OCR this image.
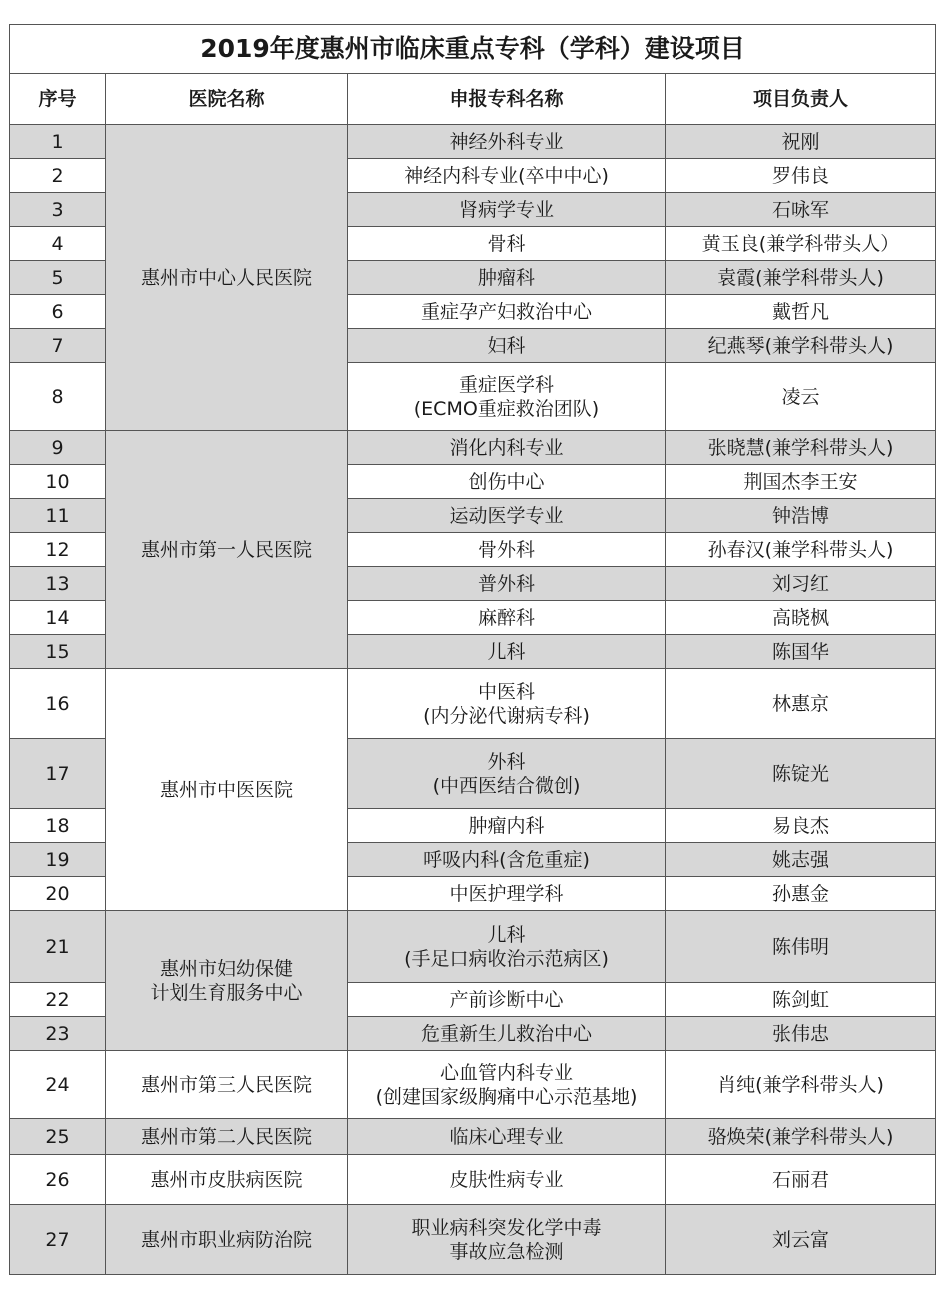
2019年度惠州市临床重点专科（学科）建设项目			
序号	医院名称	申报专科名称	项目负责人
1	惠州市中心人民医院	神经外科专业	祝刚
2		神经内科专业(卒中中心)	罗伟良
3		肾病学专业	石咏军
4		骨科	黄玉良(兼学科带头人）
5		肿瘤科	袁霞(兼学科带头人)
6		重症孕产妇救治中心	戴哲凡
7		妇科	纪燕琴(兼学科带头人)
8		重症医学科
(ECMO重症救治团队)	凌云
9	惠州市第一人民医院	消化内科专业	张晓慧(兼学科带头人)
10		创伤中心	荆国杰李王安
11		运动医学专业	钟浩博
12		骨外科	孙春汉(兼学科带头人)
13		普外科	刘习红
14		麻醉科	高晓枫
15		儿科	陈国华
16	惠州市中医医院	中医科
(内分泌代谢病专科)	林惠京
17		外科
(中西医结合微创)	陈锭光
18		肿瘤内科	易良杰
19		呼吸内科(含危重症)	姚志强
20		中医护理学科	孙惠金
21	惠州市妇幼保健
计划生育服务中心	儿科
(手足口病收治示范病区)	陈伟明
22		产前诊断中心	陈剑虹
23		危重新生儿救治中心	张伟忠
24	惠州市第三人民医院	心血管内科专业
(创建国家级胸痛中心示范基地)	肖纯(兼学科带头人)
25	惠州市第二人民医院	临床心理专业	骆焕荣(兼学科带头人)
26	惠州市皮肤病医院	皮肤性病专业	石丽君
27	惠州市职业病防治院	职业病科突发化学中毒
事故应急检测	刘云富
